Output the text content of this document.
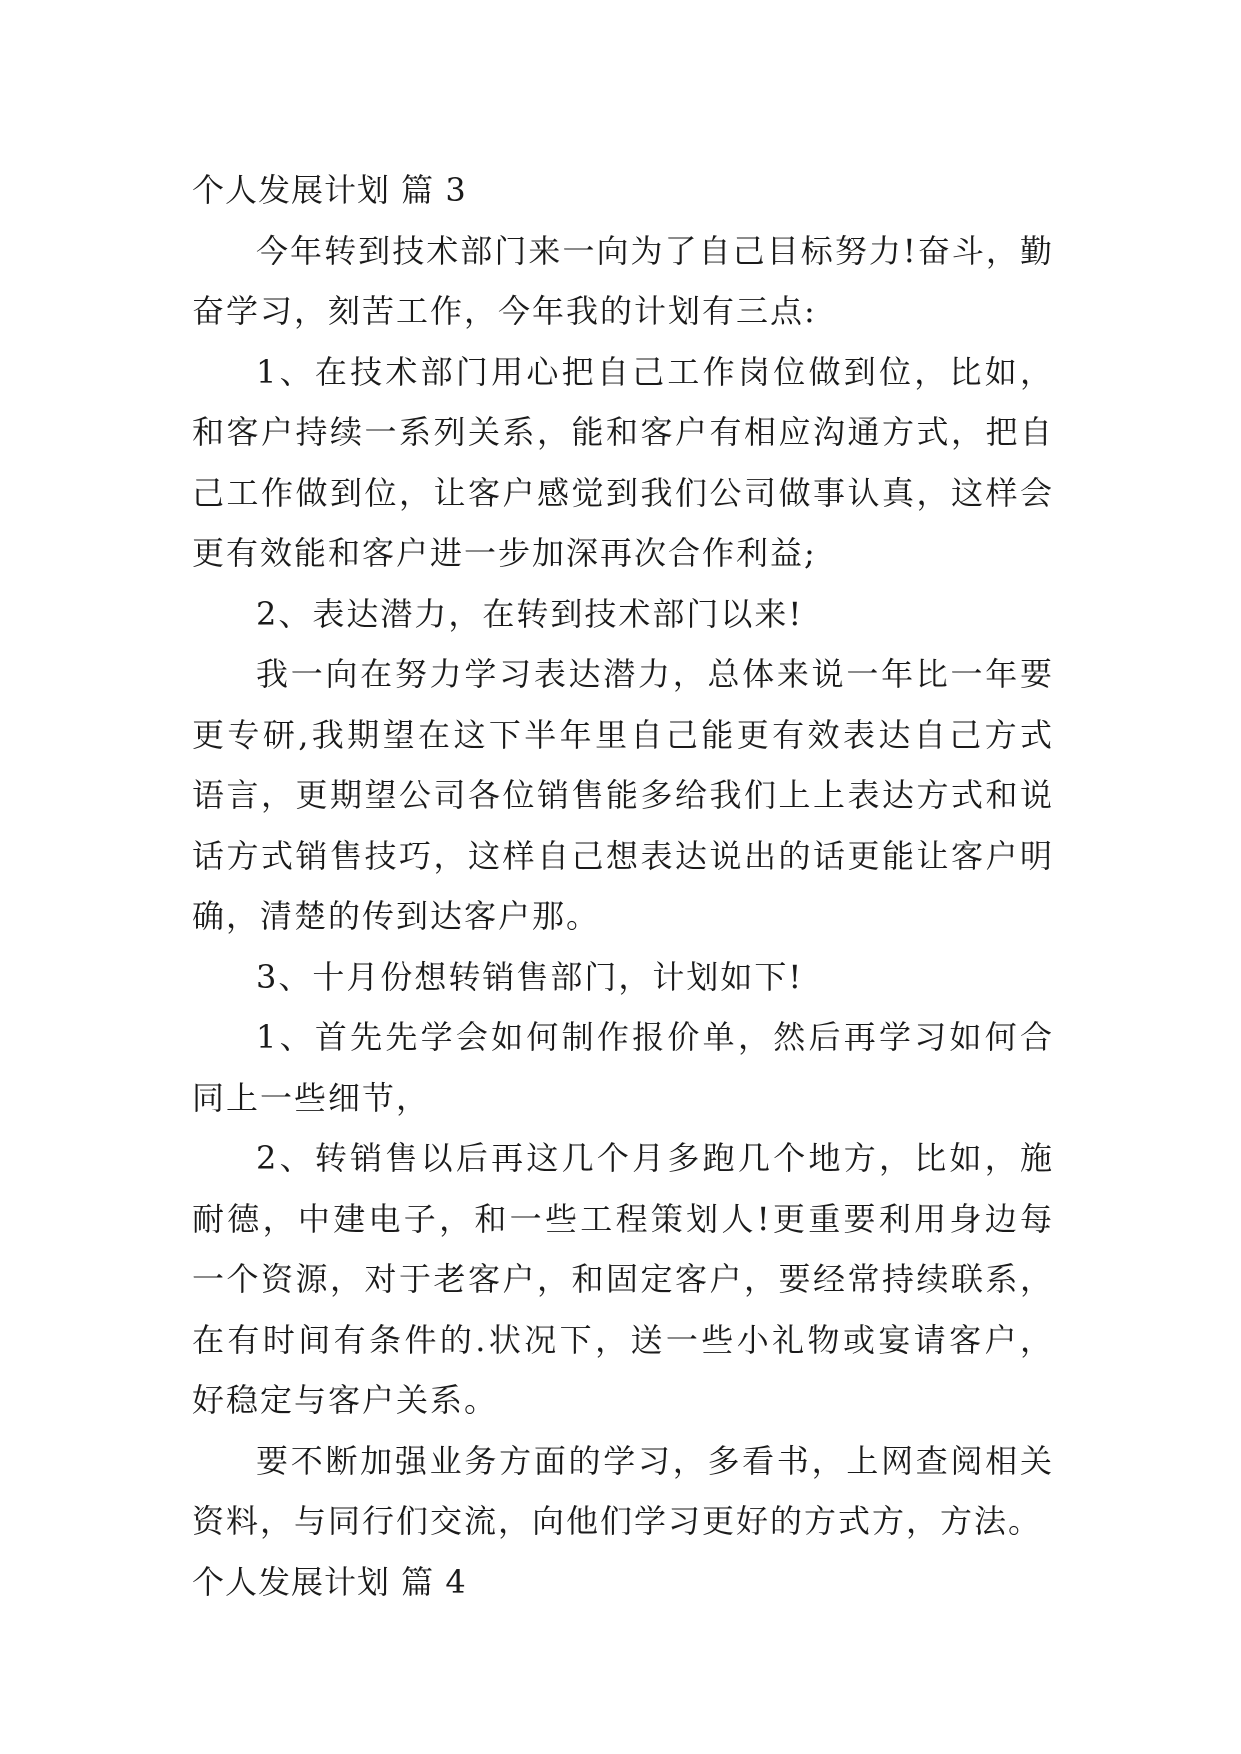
个人发展计划 篇 3

今年转到技术部门来一向为了自己目标努力!奋斗，勤奋学习，刻苦工作，今年我的计划有三点:

1、在技术部门用心把自己工作岗位做到位，比如，和客户持续一系列关系，能和客户有相应沟通方式，把自己工作做到位，让客户感觉到我们公司做事认真，这样会更有效能和客户进一步加深再次合作利益;

2、表达潜力，在转到技术部门以来!

我一向在努力学习表达潜力，总体来说一年比一年要更专研,我期望在这下半年里自己能更有效表达自己方式语言，更期望公司各位销售能多给我们上上表达方式和说话方式销售技巧，这样自己想表达说出的话更能让客户明确，清楚的传到达客户那。

3、十月份想转销售部门，计划如下!

1、首先先学会如何制作报价单，然后再学习如何合同上一些细节，

2、转销售以后再这几个月多跑几个地方，比如，施耐德，中建电子，和一些工程策划人!更重要利用身边每一个资源，对于老客户，和固定客户，要经常持续联系，在有时间有条件的.状况下，送一些小礼物或宴请客户，好稳定与客户关系。

要不断加强业务方面的学习，多看书，上网查阅相关资料，与同行们交流，向他们学习更好的方式方，方法。

个人发展计划 篇 4
